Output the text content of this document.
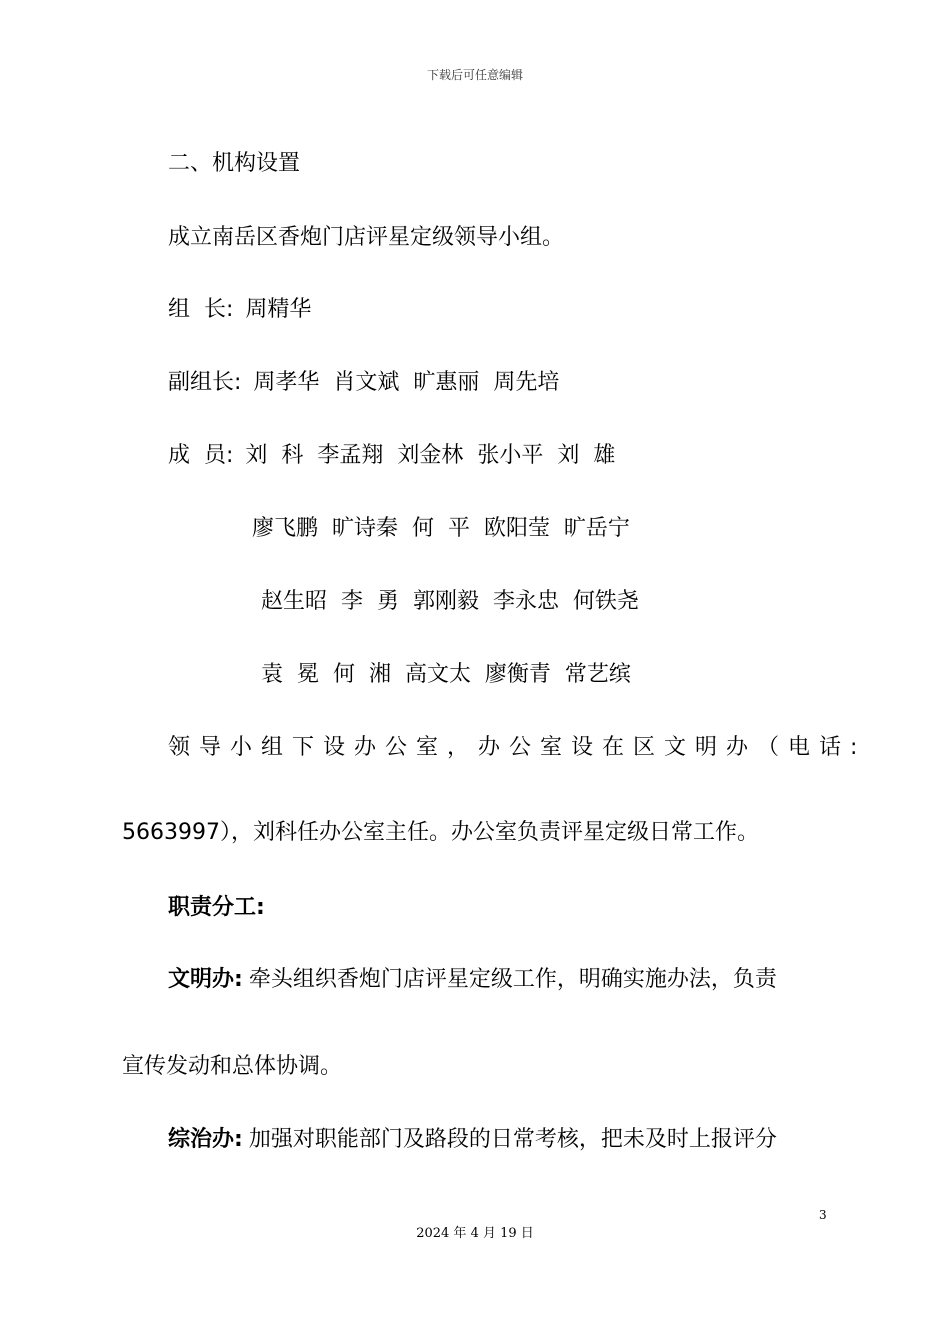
下载后可任意编辑
二、机构设置
成立南岳区香炮门店评星定级领导小组。
组  长: 周精华
副组长: 周孝华  肖文斌  旷惠丽  周先培
成  员: 刘  科  李孟翔  刘金林  张小平  刘  雄
廖飞鹏  旷诗秦  何  平  欧阳莹  旷岳宁
赵生昭  李  勇  郭刚毅  李永忠  何铁尧
袁  冕  何  湘  高文太  廖衡青  常艺缤
领导小组下设办公室，办公室设在区文明办（电话:
5663997），刘科任办公室主任。办公室负责评星定级日常工作。
职责分工:
文明办: 牵头组织香炮门店评星定级工作，明确实施办法，负责
宣传发动和总体协调。
综治办: 加强对职能部门及路段的日常考核，把未及时上报评分
3
2024 年 4 月 19 日
